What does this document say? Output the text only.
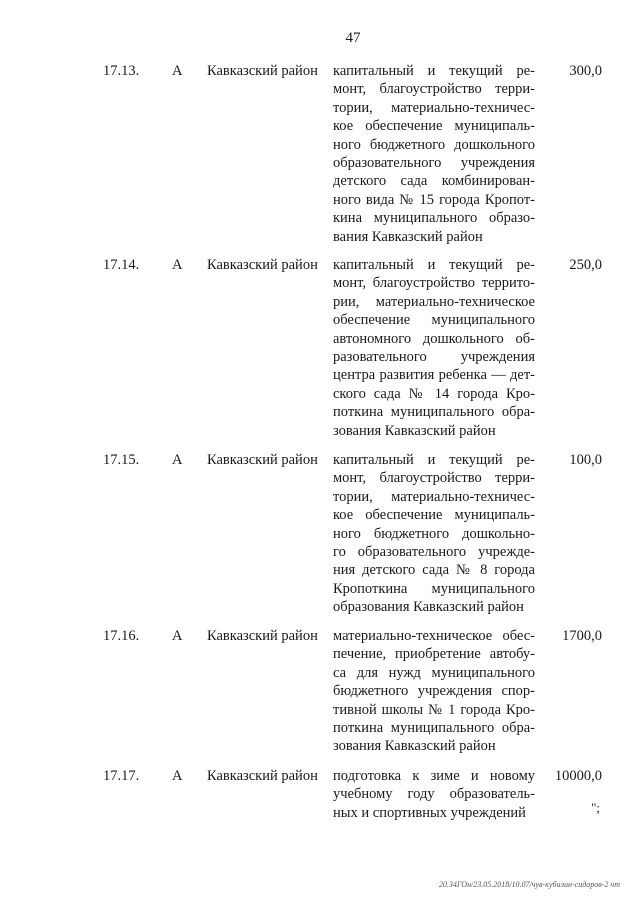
47
17.13. А Кавказский район капитальный и текущий ре-
монт, благоустройство терри-
тории, материально-техничес-
кое обеспечение муниципаль-
ного бюджетного дошкольного
образовательного учреждения
детского сада комбинирован-
ного вида № 15 города Кропот-
кина муниципального образо-
вания Кавказский район
300,0
17.14. А Кавказский район капитальный и текущий ре-
монт, благоустройство террито-
рии, материально-техническое
обеспечение муниципального
автономного дошкольного об-
разовательного учреждения
центра развития ребенка — дет-
ского сада № 14 города Кро-
поткина муниципального обра-
зования Кавказский район
250,0
17.15. А Кавказский район капитальный и текущий ре-
монт, благоустройство терри-
тории, материально-техничес-
кое обеспечение муниципаль-
ного бюджетного дошкольно-
го образовательного учрежде-
ния детского сада № 8 города
Кропоткина муниципального
образования Кавказский район
100,0
17.16. А Кавказский район материально-техническое обес-
печение, приобретение автобу-
са для нужд муниципального
бюджетного учреждения спор-
тивной школы № 1 города Кро-
поткина муниципального обра-
зования Кавказский район
1700,0
17.17. А Кавказский район подготовка к зиме и новому
учебному году образователь-
ных и спортивных учреждений
10000,0
";
20.34ГОн/23.05.2018/10.07/чув-кубилин-сидоров-2 чт
